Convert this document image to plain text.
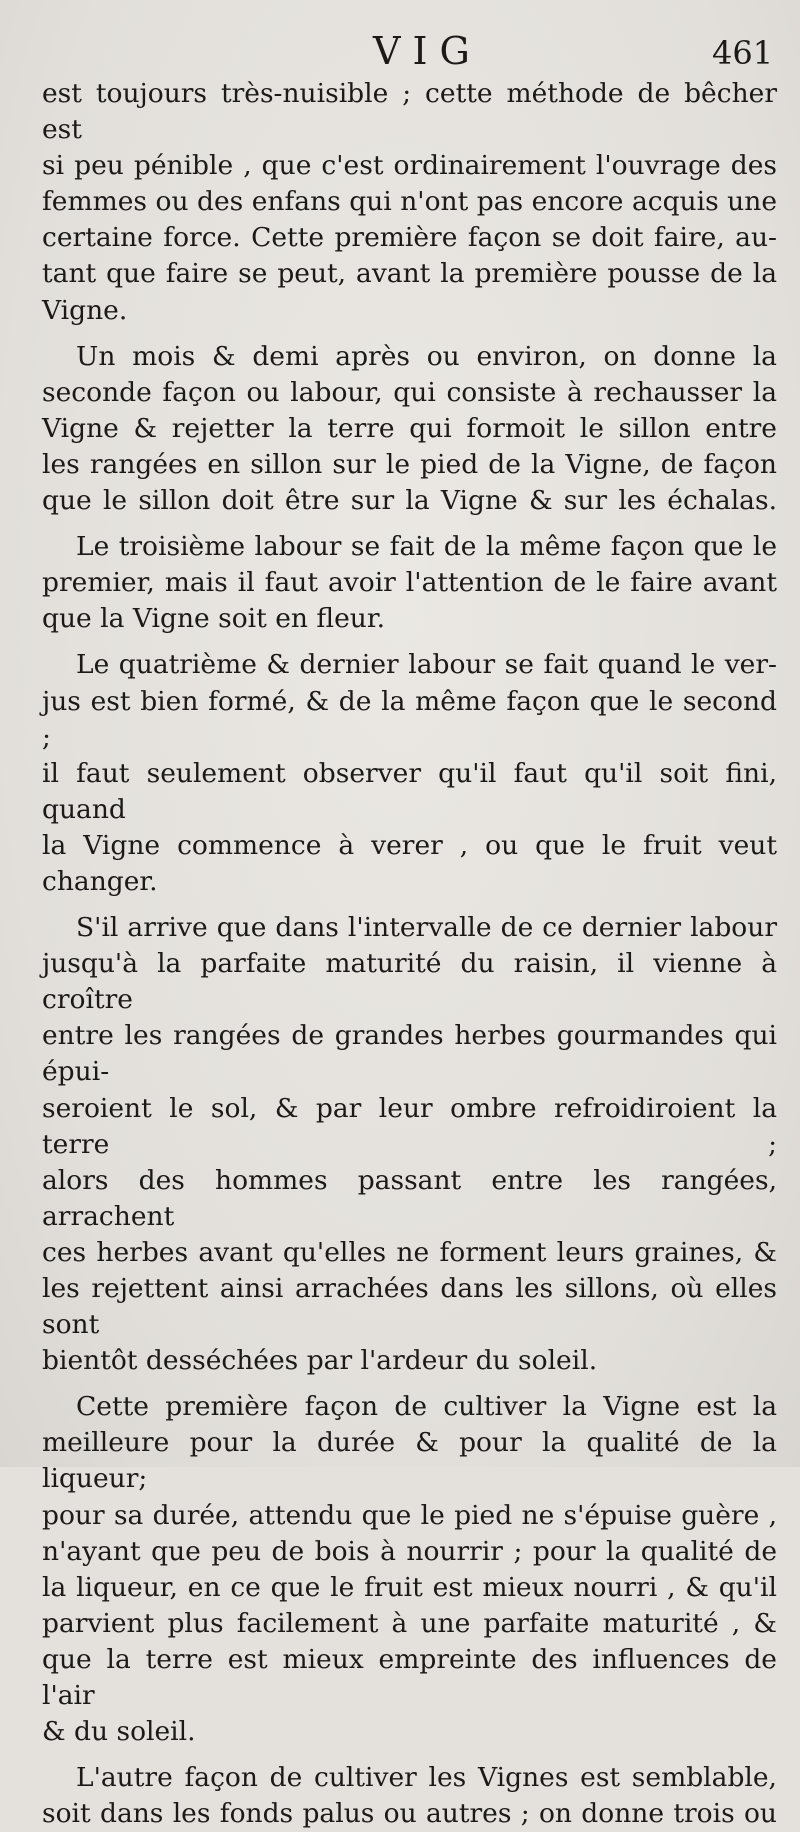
VIG	461

est toujours très-nuisible ; cette méthode de bêcher est

si peu pénible , que c'est ordinairement l'ouvrage des

femmes ou des enfans qui n'ont pas encore acquis une

certaine force. Cette première façon se doit faire, au-

tant que faire se peut, avant la première pousse de la

Vigne.

Un mois & demi après ou environ, on donne la

seconde façon ou labour, qui consiste à rechausser la

Vigne & rejetter la terre qui formoit le sillon entre

les rangées en sillon sur le pied de la Vigne, de façon

que le sillon doit être sur la Vigne & sur les échalas.

Le troisième labour se fait de la même façon que le

premier, mais il faut avoir l'attention de le faire avant

que la Vigne soit en fleur.

Le quatrième & dernier labour se fait quand le ver-

jus est bien formé, & de la même façon que le second ;

il faut seulement observer qu'il faut qu'il soit fini, quand

la Vigne commence à verer , ou que le fruit veut

changer.

S'il arrive que dans l'intervalle de ce dernier labour

jusqu'à la parfaite maturité du raisin, il vienne à croître

entre les rangées de grandes herbes gourmandes qui épui-

seroient le sol, & par leur ombre refroidiroient la terre ;

alors des hommes passant entre les rangées, arrachent

ces herbes avant qu'elles ne forment leurs graines, &

les rejettent ainsi arrachées dans les sillons, où elles sont

bientôt desséchées par l'ardeur du soleil.

Cette première façon de cultiver la Vigne est la

meilleure pour la durée & pour la qualité de la liqueur;

pour sa durée, attendu que le pied ne s'épuise guère ,

n'ayant que peu de bois à nourrir ; pour la qualité de

la liqueur, en ce que le fruit est mieux nourri , & qu'il

parvient plus facilement à une parfaite maturité , &

que la terre est mieux empreinte des influences de l'air

& du soleil.

L'autre façon de cultiver les Vignes est semblable,

soit dans les fonds palus ou autres ; on donne trois ou
